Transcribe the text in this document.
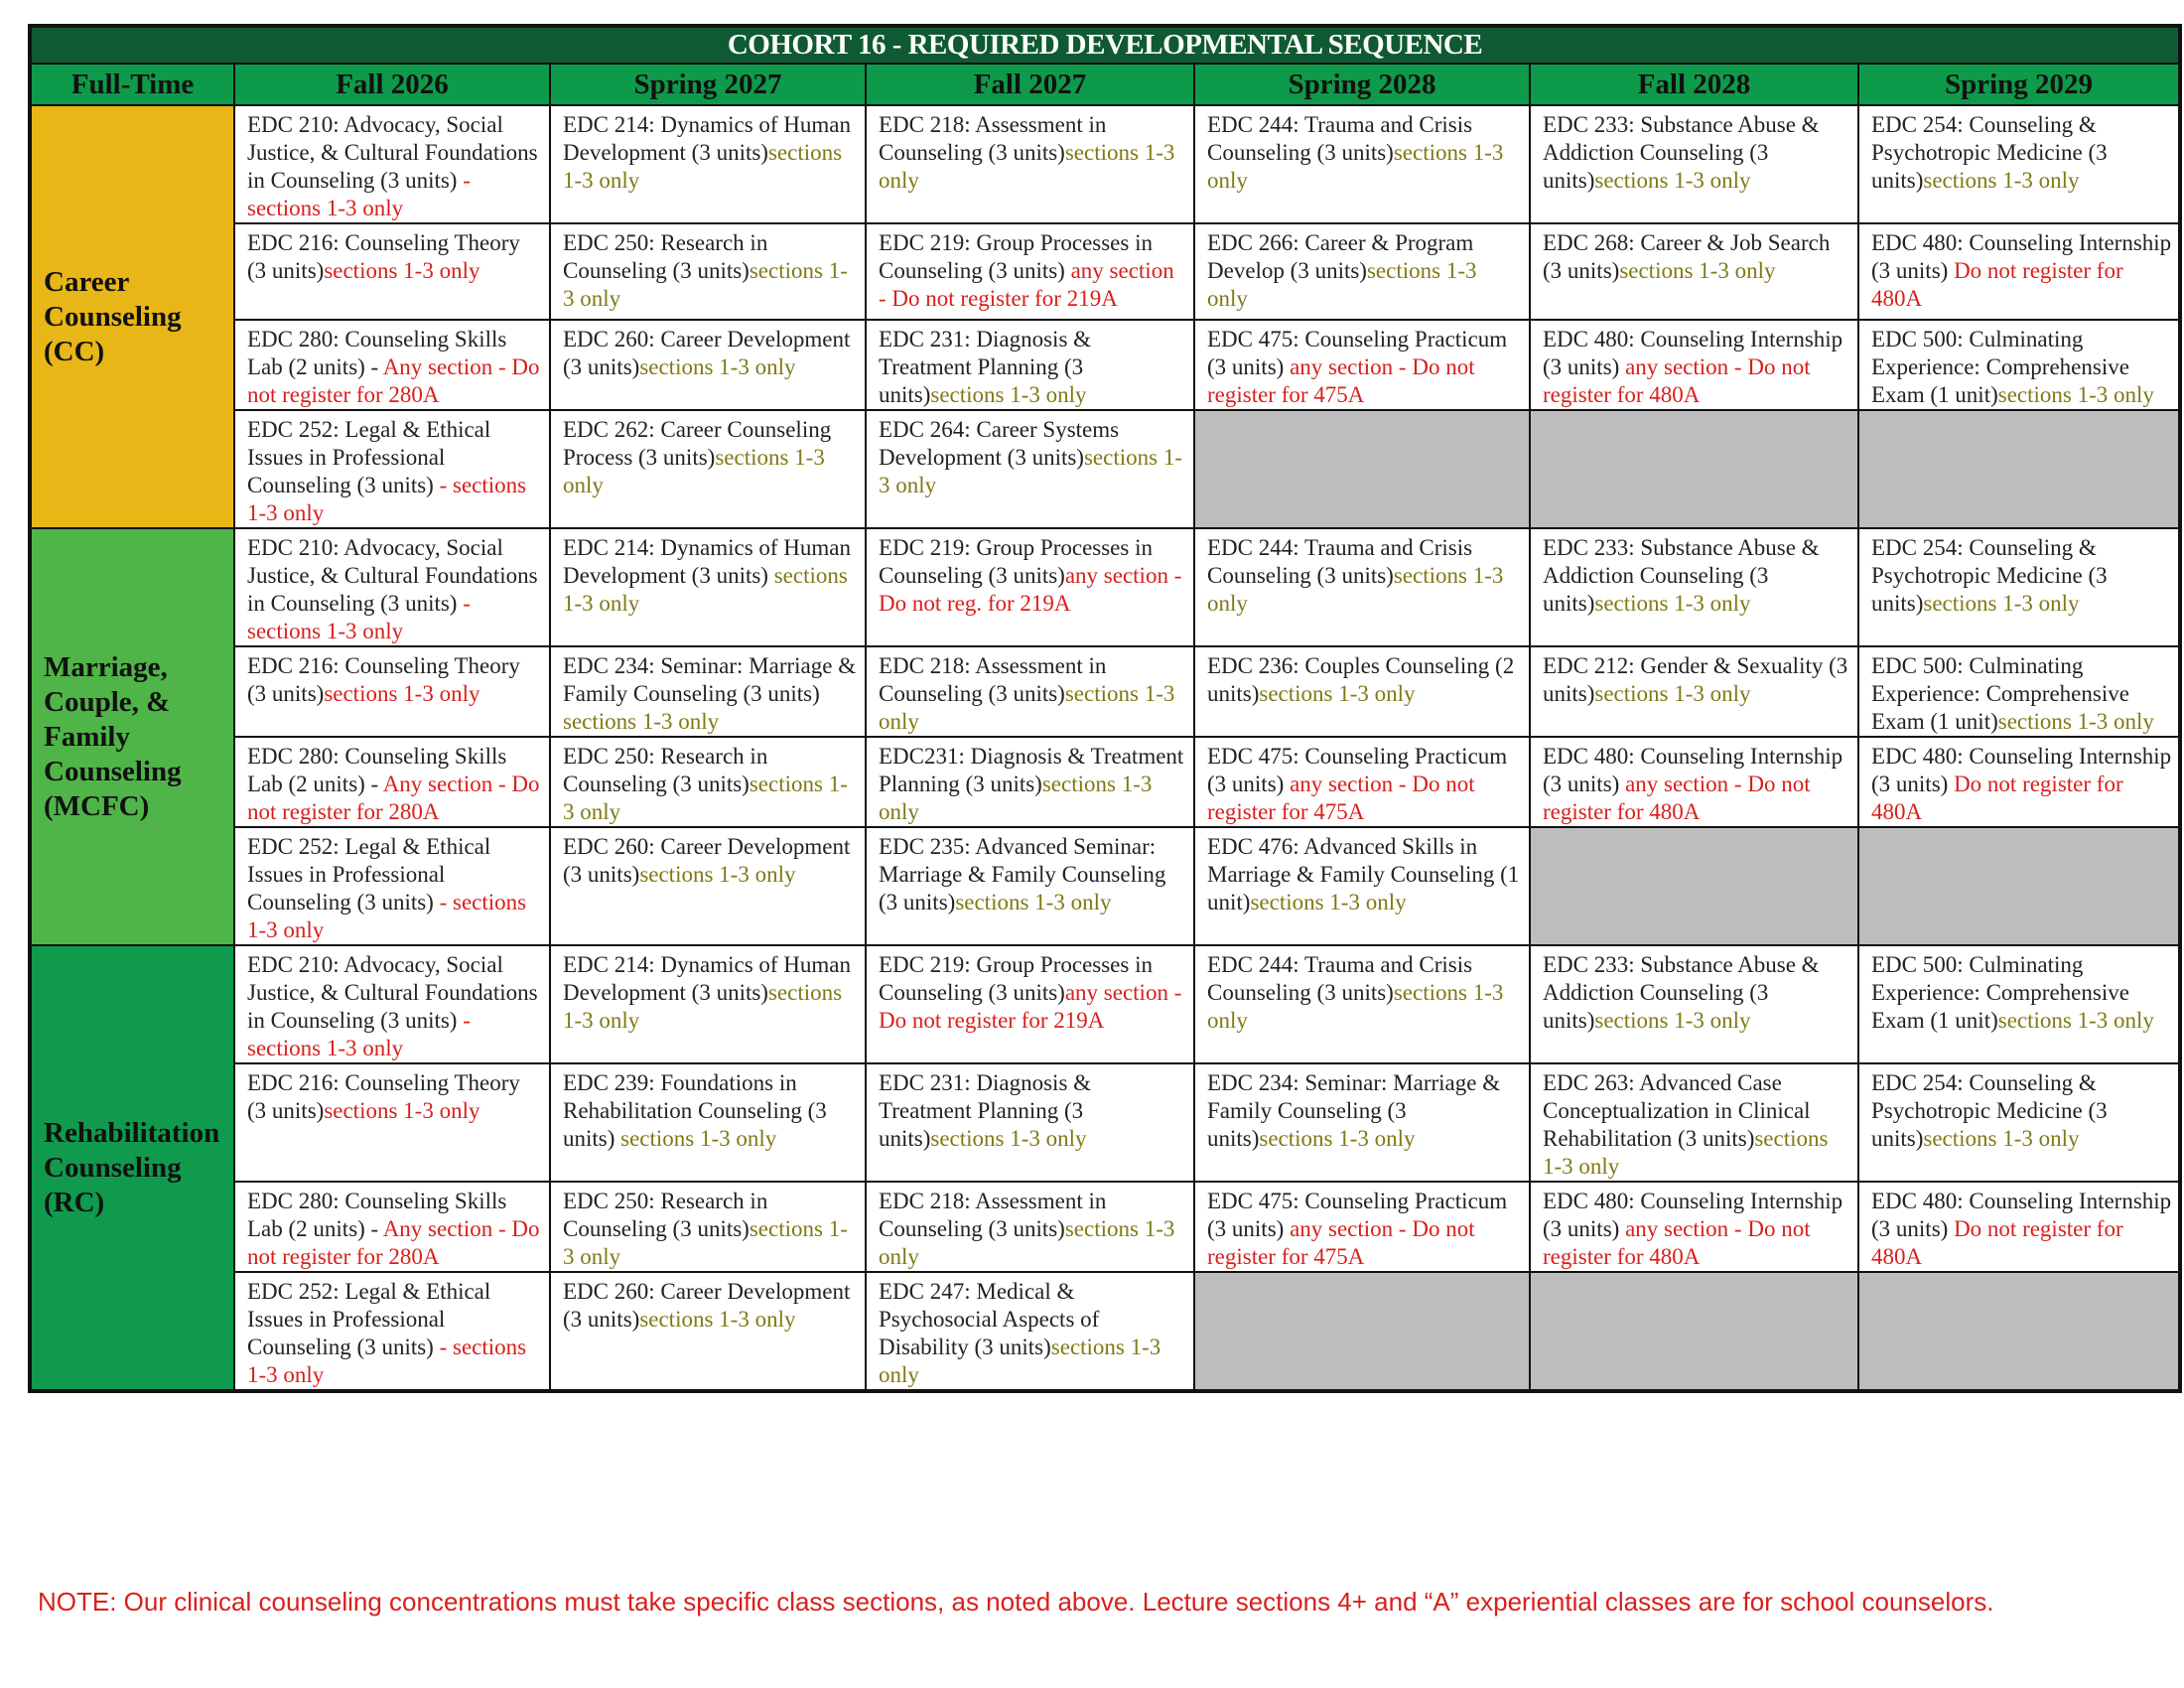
COHORT 16 - REQUIRED DEVELOPMENTAL SEQUENCE						
Full-Time	Fall 2026	Spring 2027	Fall 2027	Spring 2028	Fall 2028	Spring 2029
Career Counseling (CC)	EDC 210: Advocacy, Social Justice, & Cultural Foundations in Counseling (3 units) - sections 1-3 only	EDC 214: Dynamics of Human Development (3 units)sections 1-3 only	EDC 218: Assessment in Counseling (3 units)sections 1-3 only	EDC 244: Trauma and Crisis Counseling (3 units)sections 1-3 only	EDC 233: Substance Abuse & Addiction Counseling (3 units)sections 1-3 only	EDC 254: Counseling & Psychotropic Medicine (3 units)sections 1-3 only
	EDC 216: Counseling Theory (3 units)sections 1-3 only	EDC 250: Research in Counseling (3 units)sections 1-3 only	EDC 219: Group Processes in Counseling (3 units) any section - Do not register for 219A	EDC 266: Career & Program Develop (3 units)sections 1-3 only	EDC 268: Career & Job Search (3 units)sections 1-3 only	EDC 480: Counseling Internship (3 units) Do not register for 480A
	EDC 280: Counseling Skills Lab (2 units) - Any section - Do not register for 280A	EDC 260: Career Development (3 units)sections 1-3 only	EDC 231: Diagnosis & Treatment Planning (3 units)sections 1-3 only	EDC 475: Counseling Practicum (3 units) any section - Do not register for 475A	EDC 480: Counseling Internship (3 units) any section - Do not register for 480A	EDC 500: Culminating Experience: Comprehensive Exam (1 unit)sections 1-3 only
	EDC 252: Legal & Ethical Issues in Professional Counseling (3 units) - sections 1-3 only	EDC 262: Career Counseling Process (3 units)sections 1-3 only	EDC 264: Career Systems Development (3 units)sections 1-3 only			
Marriage, Couple, & Family Counseling (MCFC)	EDC 210: Advocacy, Social Justice, & Cultural Foundations in Counseling (3 units) - sections 1-3 only	EDC 214: Dynamics of Human Development (3 units) sections 1-3 only	EDC 219: Group Processes in Counseling (3 units)any section - Do not reg. for 219A	EDC 244: Trauma and Crisis Counseling (3 units)sections 1-3 only	EDC 233: Substance Abuse & Addiction Counseling (3 units)sections 1-3 only	EDC 254: Counseling & Psychotropic Medicine (3 units)sections 1-3 only
	EDC 216: Counseling Theory (3 units)sections 1-3 only	EDC 234: Seminar: Marriage & Family Counseling (3 units) sections 1-3 only	EDC 218: Assessment in Counseling (3 units)sections 1-3 only	EDC 236: Couples Counseling (2 units)sections 1-3 only	EDC 212: Gender & Sexuality (3 units)sections 1-3 only	EDC 500: Culminating Experience: Comprehensive Exam (1 unit)sections 1-3 only
	EDC 280: Counseling Skills Lab (2 units) - Any section - Do not register for 280A	EDC 250: Research in Counseling (3 units)sections 1-3 only	EDC231: Diagnosis & Treatment Planning (3 units)sections 1-3 only	EDC 475: Counseling Practicum (3 units) any section - Do not register for 475A	EDC 480: Counseling Internship (3 units) any section - Do not register for 480A	EDC 480: Counseling Internship (3 units) Do not register for 480A
	EDC 252: Legal & Ethical Issues in Professional Counseling (3 units) - sections 1-3 only	EDC 260: Career Development (3 units)sections 1-3 only	EDC 235: Advanced Seminar: Marriage & Family Counseling (3 units)sections 1-3 only	EDC 476: Advanced Skills in Marriage & Family Counseling (1 unit)sections 1-3 only		
Rehabilitation Counseling (RC)	EDC 210: Advocacy, Social Justice, & Cultural Foundations in Counseling (3 units) - sections 1-3 only	EDC 214: Dynamics of Human Development (3 units)sections 1-3 only	EDC 219: Group Processes in Counseling (3 units)any section - Do not register for 219A	EDC 244: Trauma and Crisis Counseling (3 units)sections 1-3 only	EDC 233: Substance Abuse & Addiction Counseling (3 units)sections 1-3 only	EDC 500: Culminating Experience: Comprehensive Exam (1 unit)sections 1-3 only
	EDC 216: Counseling Theory (3 units)sections 1-3 only	EDC 239: Foundations in Rehabilitation Counseling (3 units) sections 1-3 only	EDC 231: Diagnosis & Treatment Planning (3 units)sections 1-3 only	EDC 234: Seminar: Marriage & Family Counseling (3 units)sections 1-3 only	EDC 263: Advanced Case Conceptualization in Clinical Rehabilitation (3 units)sections 1-3 only	EDC 254: Counseling & Psychotropic Medicine (3 units)sections 1-3 only
	EDC 280: Counseling Skills Lab (2 units) - Any section - Do not register for 280A	EDC 250: Research in Counseling (3 units)sections 1-3 only	EDC 218: Assessment in Counseling (3 units)sections 1-3 only	EDC 475: Counseling Practicum (3 units) any section - Do not register for 475A	EDC 480: Counseling Internship (3 units) any section - Do not register for 480A	EDC 480: Counseling Internship (3 units) Do not register for 480A
	EDC 252: Legal & Ethical Issues in Professional Counseling (3 units) - sections 1-3 only	EDC 260: Career Development (3 units)sections 1-3 only	EDC 247: Medical & Psychosocial Aspects of Disability (3 units)sections 1-3 only			
NOTE: Our clinical counseling concentrations must take specific class sections, as noted above. Lecture sections 4+ and “A” experiential classes are for school counselors.
